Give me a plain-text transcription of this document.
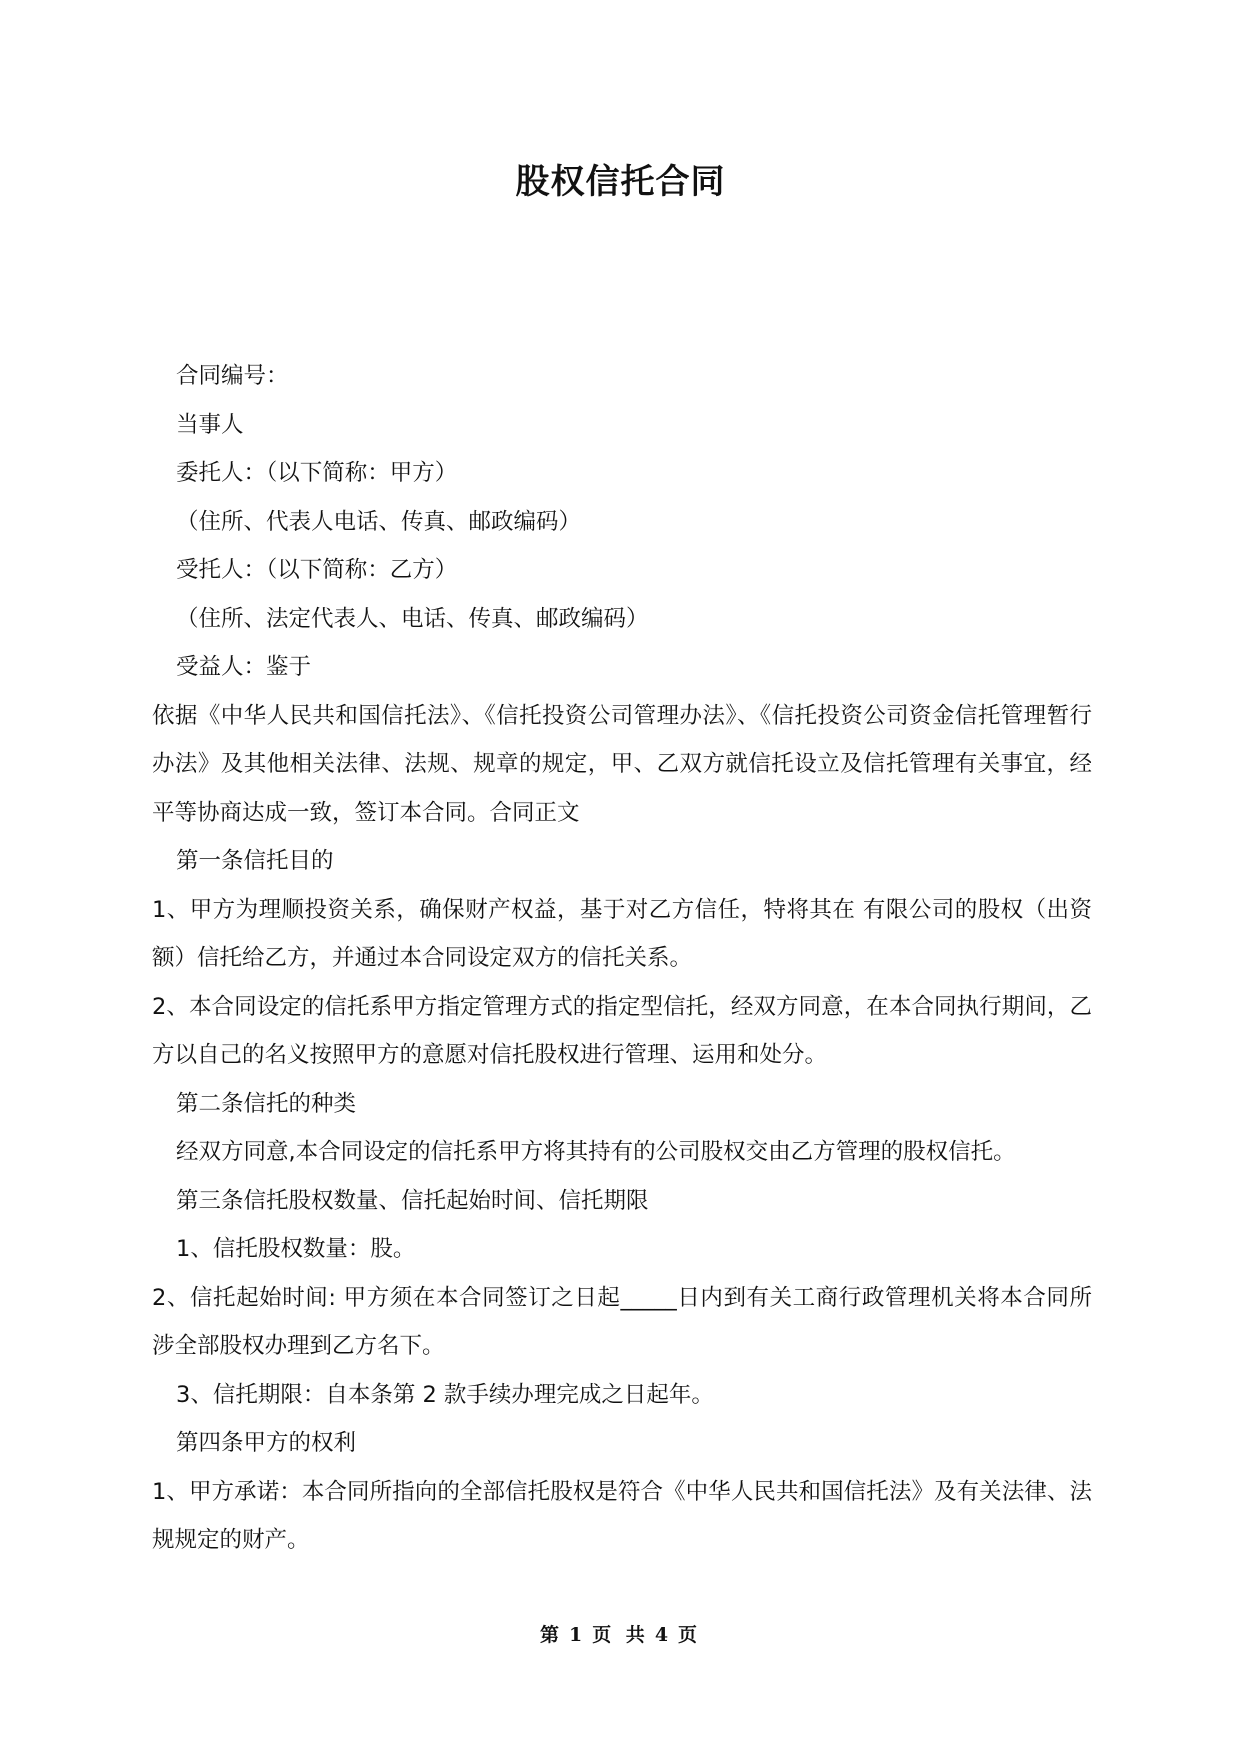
股权信托合同

合同编号：

当事人

委托人：（以下简称：甲方）

（住所、代表人电话、传真、邮政编码）

受托人：（以下简称：乙方）

（住所、法定代表人、电话、传真、邮政编码）

受益人：鉴于

依据《中华人民共和国信托法》、《信托投资公司管理办法》、《信托投资公司资金信托管理暂行办法》及其他相关法律、法规、规章的规定，甲、乙双方就信托设立及信托管理有关事宜，经平等协商达成一致，签订本合同。合同正文

第一条信托目的

1、甲方为理顺投资关系，确保财产权益，基于对乙方信任，特将其在 有限公司的股权（出资额）信托给乙方，并通过本合同设定双方的信托关系。

2、本合同设定的信托系甲方指定管理方式的指定型信托，经双方同意，在本合同执行期间，乙方以自己的名义按照甲方的意愿对信托股权进行管理、运用和处分。

第二条信托的种类

经双方同意,本合同设定的信托系甲方将其持有的公司股权交由乙方管理的股权信托。

第三条信托股权数量、信托起始时间、信托期限

1、信托股权数量：股。

2、信托起始时间: 甲方须在本合同签订之日起_____日内到有关工商行政管理机关将本合同所涉全部股权办理到乙方名下。

3、信托期限：自本条第 2 款手续办理完成之日起年。

第四条甲方的权利

1、甲方承诺：本合同所指向的全部信托股权是符合《中华人民共和国信托法》及有关法律、法规规定的财产。

第 1 页 共 4 页
